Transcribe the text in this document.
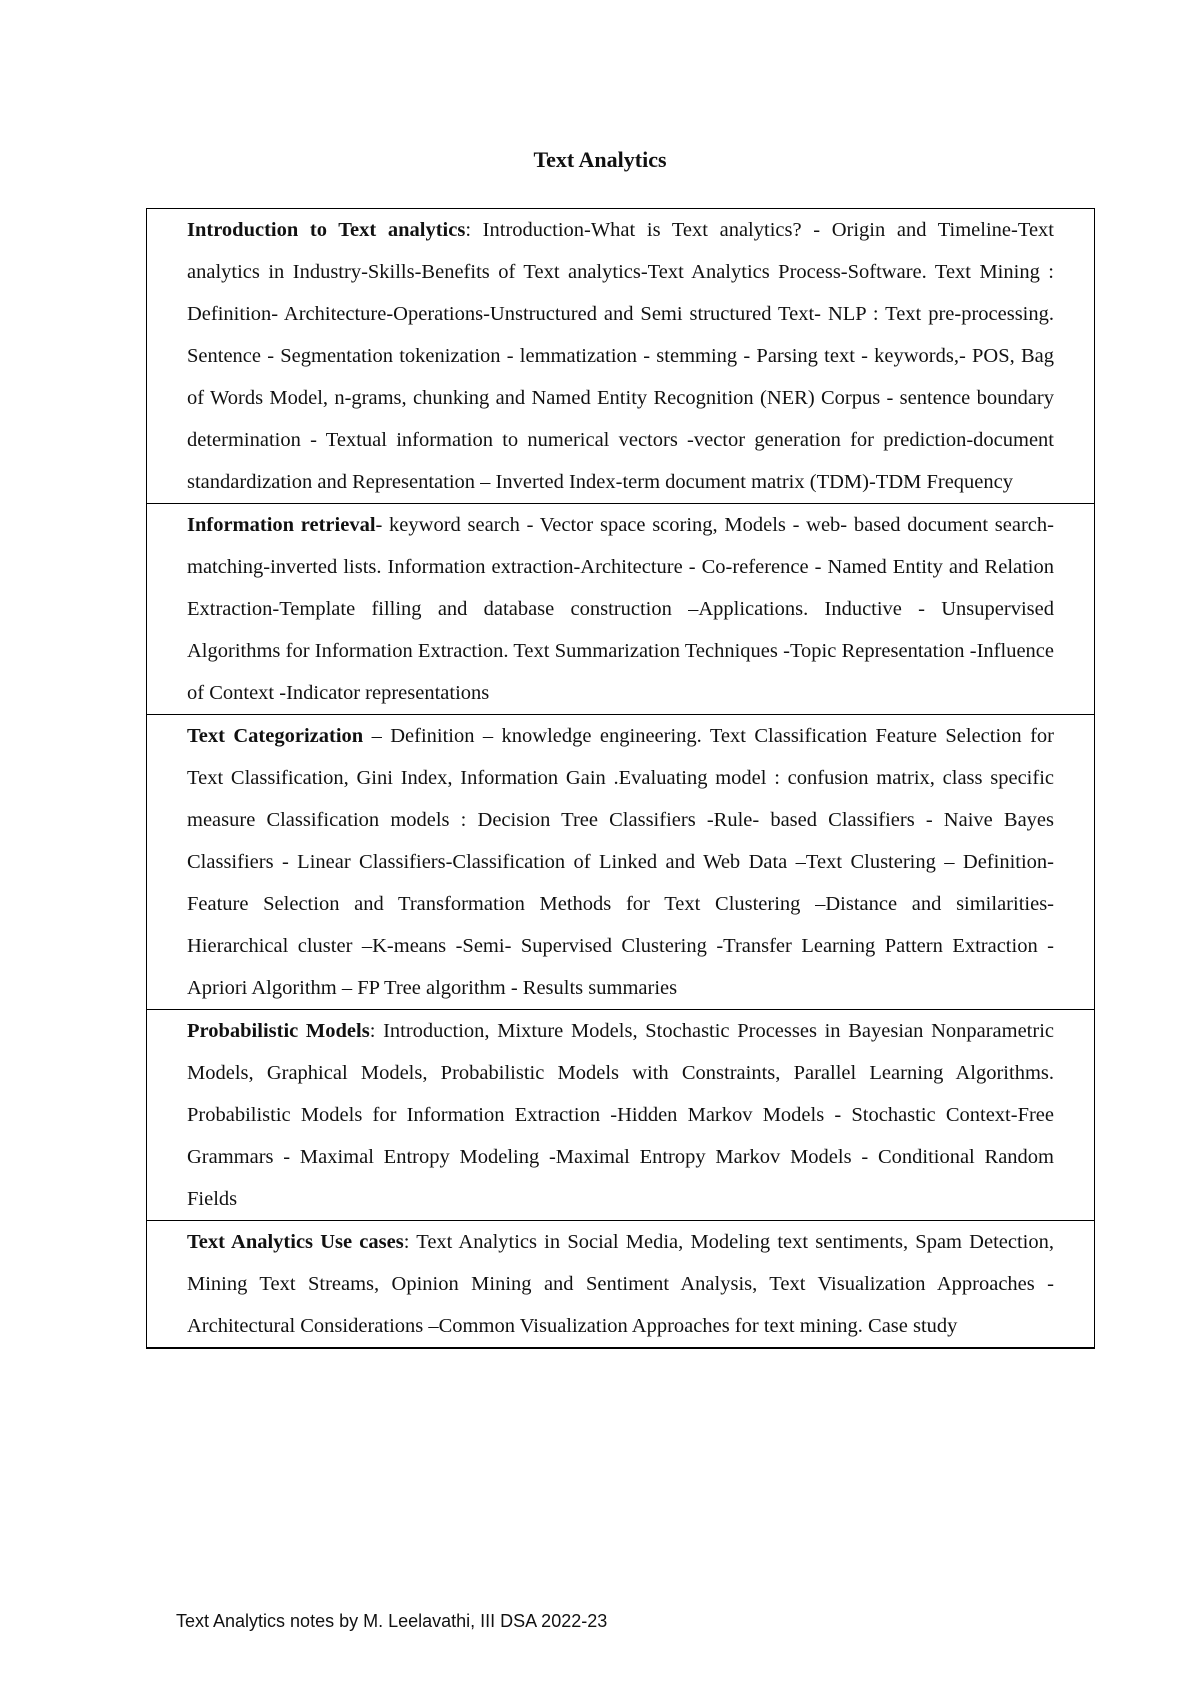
Text Analytics
Introduction to Text analytics: Introduction-What is Text analytics? - Origin and Timeline-Text analytics in Industry-Skills-Benefits of Text analytics-Text Analytics Process-Software. Text Mining : Definition- Architecture-Operations-Unstructured and Semi structured Text- NLP : Text pre-processing. Sentence - Segmentation tokenization - lemmatization - stemming - Parsing text - keywords,- POS, Bag of Words Model, n-grams, chunking and Named Entity Recognition (NER) Corpus - sentence boundary determination - Textual information to numerical vectors -vector generation for prediction-document standardization and Representation – Inverted Index-term document matrix (TDM)-TDM Frequency
Information retrieval- keyword search - Vector space scoring, Models - web- based document search-matching-inverted lists. Information extraction-Architecture - Co-reference - Named Entity and Relation Extraction-Template filling and database construction –Applications. Inductive - Unsupervised Algorithms for Information Extraction. Text Summarization Techniques -Topic Representation -Influence of Context -Indicator representations
Text Categorization – Definition – knowledge engineering. Text Classification Feature Selection for Text Classification, Gini Index, Information Gain .Evaluating model : confusion matrix, class specific measure Classification models : Decision Tree Classifiers -Rule- based Classifiers - Naive Bayes Classifiers - Linear Classifiers-Classification of Linked and Web Data –Text Clustering – Definition- Feature Selection and Transformation Methods for Text Clustering –Distance and similarities-Hierarchical cluster –K-means -Semi- Supervised Clustering -Transfer Learning Pattern Extraction - Apriori Algorithm – FP Tree algorithm - Results summaries
Probabilistic Models: Introduction, Mixture Models, Stochastic Processes in Bayesian Nonparametric Models, Graphical Models, Probabilistic Models with Constraints, Parallel Learning Algorithms. Probabilistic Models for Information Extraction -Hidden Markov Models - Stochastic Context-Free Grammars - Maximal Entropy Modeling -Maximal Entropy Markov Models - Conditional Random Fields
Text Analytics Use cases: Text Analytics in Social Media, Modeling text sentiments, Spam Detection, Mining Text Streams, Opinion Mining and Sentiment Analysis, Text Visualization Approaches -Architectural Considerations –Common Visualization Approaches for text mining. Case study
Text Analytics notes by M. Leelavathi, III DSA 2022-23
